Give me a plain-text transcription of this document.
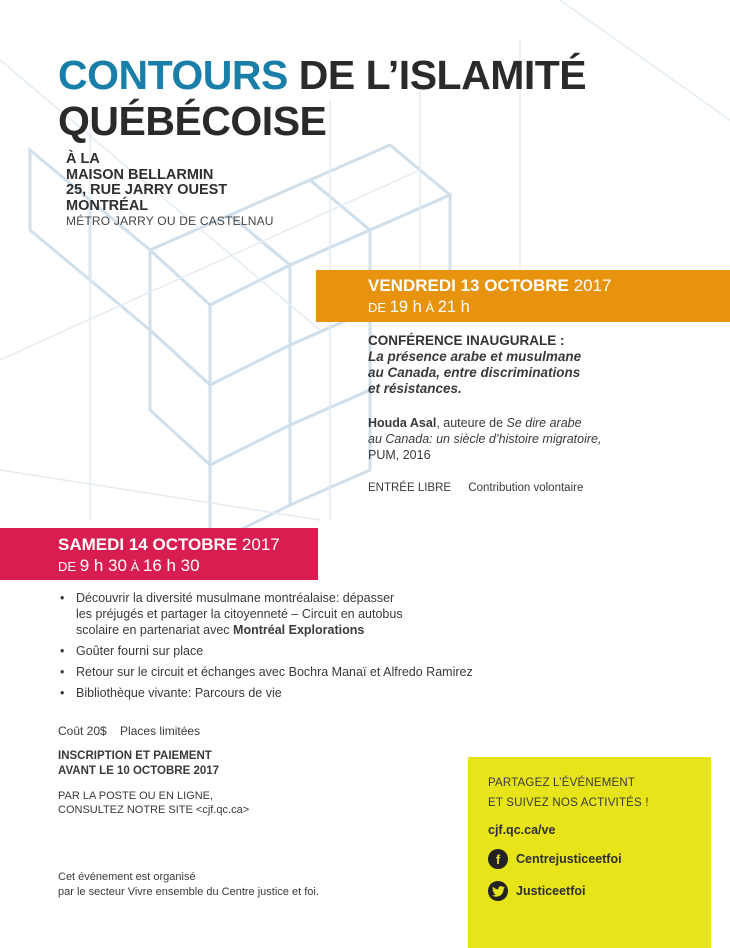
CONTOURS DE L’ISLAMITÉ
QUÉBÉCOISE
À LA
MAISON BELLARMIN
25, RUE JARRY OUEST
MONTRÉAL
MÉTRO JARRY OU DE CASTELNAU
VENDREDI 13 OCTOBRE 2017
DE 19 h À 21 h
CONFÉRENCE INAUGURALE :
La présence arabe et musulmane
au Canada, entre discriminations
et résistances.
Houda Asal, auteure de Se dire arabe
au Canada: un siècle d’histoire migratoire,
PUM, 2016
ENTRÉE LIBRE Contribution volontaire
SAMEDI 14 OCTOBRE 2017
DE 9 h 30 À 16 h 30
• Découvrir la diversité musulmane montréalaise: dépasser
les préjugés et partager la citoyenneté – Circuit en autobus
scolaire en partenariat avec Montréal Explorations
• Goûter fourni sur place
• Retour sur le circuit et échanges avec Bochra Manaï et Alfredo Ramirez
• Bibliothèque vivante: Parcours de vie
Coût 20$ Places limitées
INSCRIPTION ET PAIEMENT
AVANT LE 10 OCTOBRE 2017
PAR LA POSTE OU EN LIGNE,
CONSULTEZ NOTRE SITE <cjf.qc.ca>
Cet événement est organisé
par le secteur Vivre ensemble du Centre justice et foi.
PARTAGEZ L’ÉVÉNEMENT
ET SUIVEZ NOS ACTIVITÉS !
cjf.qc.ca/ve
f	Centrejusticeetfoi
Justiceetfoi
